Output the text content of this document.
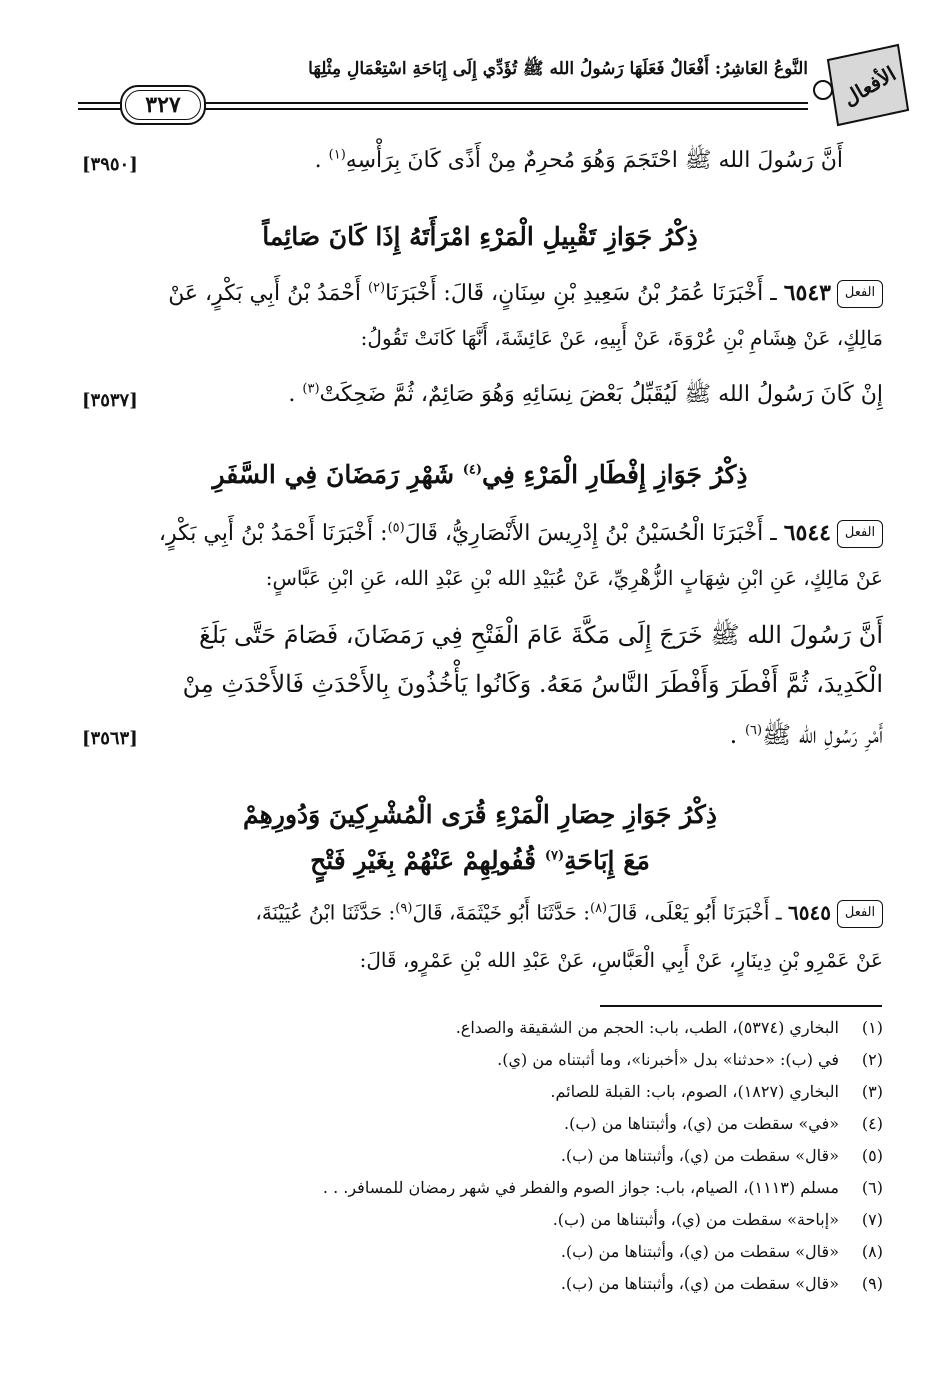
النَّوعُ العَاشِرُ: أَفْعَالٌ فَعَلَهَا رَسُولُ الله ﷺ تُؤَدِّي إِلَى إِبَاحَةِ اسْتِعْمَالِ مِثْلِهَا
٣٢٧	الأفعال
أَنَّ رَسُولَ الله ﷺ احْتَجَمَ وَهُوَ مُحرِمٌ مِنْ أَذًى كَانَ بِرَأْسِهِ$^{(١)}$ .
[٣٩٥٠]
ذِكْرُ جَوَازِ تَقْبِيلِ الْمَرْءِ امْرَأَتَهُ إِذَا كَانَ صَائِماً
الفعل٦٥٤٣ ـ أَخْبَرَنَا عُمَرُ بْنُ سَعِيدِ بْنِ سِنَانٍ، قَالَ: أَخْبَرَنَا$^{(٢)}$ أَحْمَدُ بْنُ أَبِي بَكْرٍ، عَنْ
مَالِكٍ، عَنْ هِشَامِ بْنِ عُرْوَةَ، عَنْ أَبِيهِ، عَنْ عَائِشَةَ، أَنَّهَا كَانَتْ تَقُولُ:
إِنْ كَانَ رَسُولُ الله ﷺ لَيُقَبِّلُ بَعْضَ نِسَائِهِ وَهُوَ صَائِمٌ، ثُمَّ ضَحِكَتْ$^{(٣)}$ .
[٣٥٣٧]
ذِكْرُ جَوَازِ إِفْطَارِ الْمَرْءِ فِي$^{(٤)}$ شَهْرِ رَمَضَانَ فِي السَّفَرِ
الفعل٦٥٤٤ ـ أَخْبَرَنَا الْحُسَيْنُ بْنُ إِدْرِيسَ الأَنْصَارِيُّ، قَالَ$^{(٥)}$: أَخْبَرَنَا أَحْمَدُ بْنُ أَبِي بَكْرٍ،
عَنْ مَالِكٍ، عَنِ ابْنِ شِهَابٍ الزُّهْرِيِّ، عَنْ عُبَيْدِ الله بْنِ عَبْدِ الله، عَنِ ابْنِ عَبَّاسٍ:
أَنَّ رَسُولَ الله ﷺ خَرَجَ إِلَى مَكَّةَ عَامَ الْفَتْحِ فِي رَمَضَانَ، فَصَامَ حَتَّى بَلَغَ
الْكَدِيدَ، ثُمَّ أَفْطَرَ وَأَفْطَرَ النَّاسُ مَعَهُ. وَكَانُوا يَأْخُذُونَ بِالأَحْدَثِ فَالأَحْدَثِ مِنْ
أَمْرِ رَسُولِ الله ﷺ$^{(٦)}$ .
[٣٥٦٣]
ذِكْرُ جَوَازِ حِصَارِ الْمَرْءِ قُرَى الْمُشْرِكِينَ وَدُورِهِمْ
مَعَ إِبَاحَةِ$^{(٧)}$ قُفُولِهِمْ عَنْهُمْ بِغَيْرِ فَتْحٍ
الفعل٦٥٤٥ ـ أَخْبَرَنَا أَبُو يَعْلَى، قَالَ$^{(٨)}$: حَدَّثَنَا أَبُو خَيْثَمَةَ، قَالَ$^{(٩)}$: حَدَّثَنَا ابْنُ عُيَيْنَةَ،
عَنْ عَمْرِو بْنِ دِينَارٍ، عَنْ أَبِي الْعَبَّاسِ، عَنْ عَبْدِ الله بْنِ عَمْرٍو، قَالَ:
(١)البخاري (٥٣٧٤)، الطب، باب: الحجم من الشقيقة والصداع.
(٢)في (ب): «حدثنا» بدل «أخبرنا»، وما أثبتناه من (ي).
(٣)البخاري (١٨٢٧)، الصوم، باب: القبلة للصائم.
(٤)«في» سقطت من (ي)، وأثبتناها من (ب).
(٥)«قال» سقطت من (ي)، وأثبتناها من (ب).
(٦)مسلم (١١١٣)، الصيام، باب: جواز الصوم والفطر في شهر رمضان للمسافر. . .
(٧)«إباحة» سقطت من (ي)، وأثبتناها من (ب).
(٨)«قال» سقطت من (ي)، وأثبتناها من (ب).
(٩)«قال» سقطت من (ي)، وأثبتناها من (ب).
